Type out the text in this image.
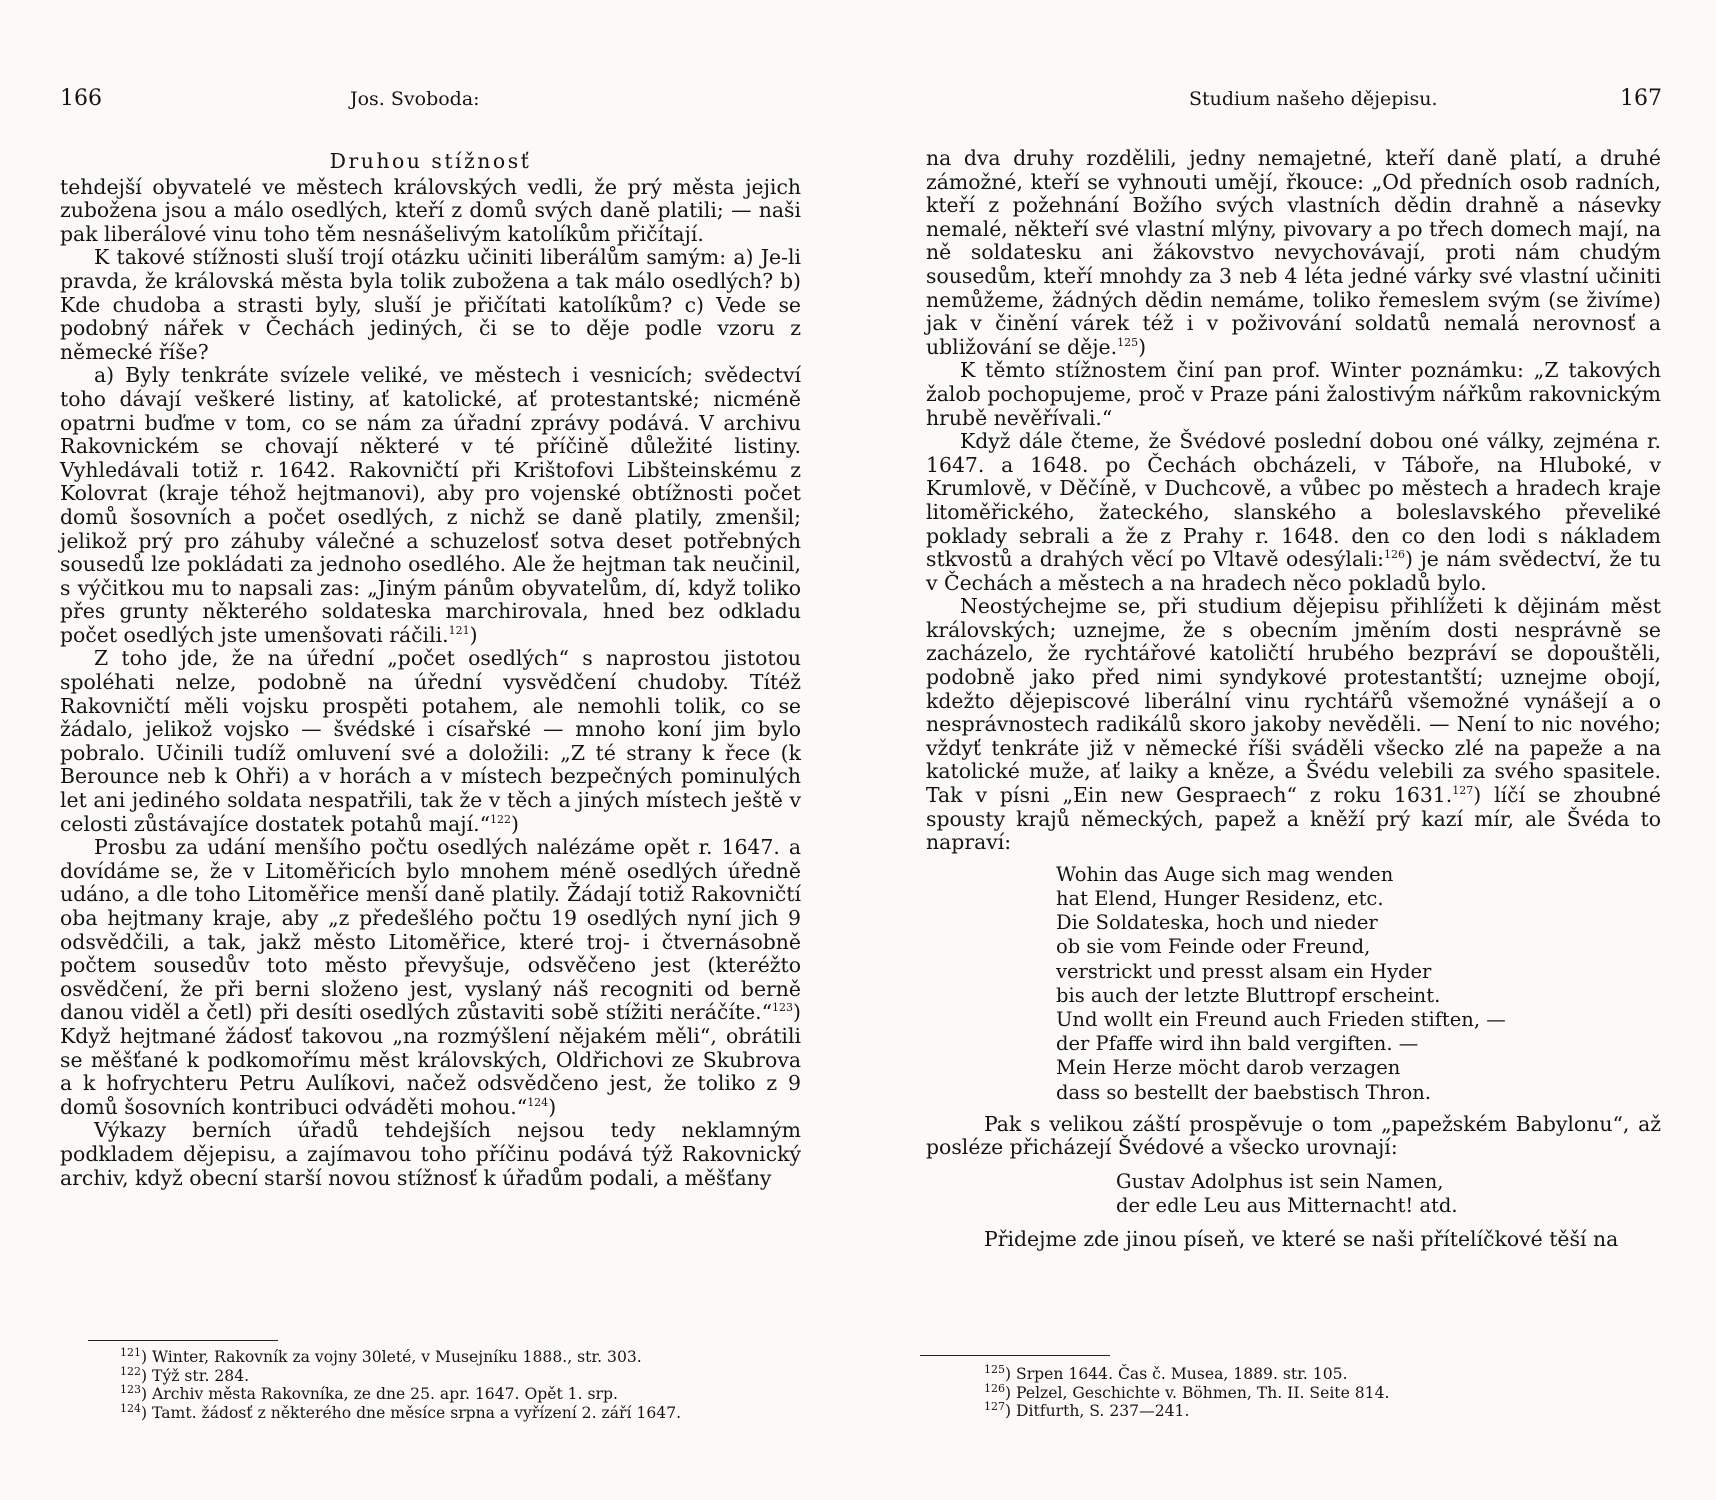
166	Jos. Svoboda:

Druhou stížnosť

tehdejší obyvatelé ve městech královských vedli, že prý města jejich zubožena jsou a málo osedlých, kteří z domů svých daně platili; — naši pak liberálové vinu toho těm nesnášelivým katolíkům přičítají.

K takové stížnosti sluší trojí otázku učiniti liberálům samým: a) Je-li pravda, že královská města byla tolik zubožena a tak málo osedlých? b) Kde chudoba a strasti byly, sluší je přičítati katolíkům? c) Vede se podobný nářek v Čechách jediných, či se to děje podle vzoru z německé říše?

a) Byly tenkráte svízele veliké, ve městech i vesnicích; svědectví toho dávají veškeré listiny, ať katolické, ať protestantské; nicméně opatrni buďme v tom, co se nám za úřadní zprávy podává. V archivu Rakovnickém se chovají některé v té příčině důležité listiny. Vyhledávali totiž r. 1642. Rakovničtí při Krištofovi Libšteinskému z Kolovrat (kraje téhož hejtmanovi), aby pro vojenské obtížnosti počet domů šosovních a počet osedlých, z nichž se daně platily, zmenšil; jelikož prý pro záhuby válečné a schuzelosť sotva deset potřebných sousedů lze pokládati za jednoho osedlého. Ale že hejtman tak neučinil, s výčitkou mu to napsali zas: „Jiným pánům obyvatelům, dí, když toliko přes grunty některého soldateska marchirovala, hned bez odkladu počet osedlých jste umenšovati ráčili.$^{121}$)

Z toho jde, že na úřední „počet osedlých“ s naprostou jistotou spoléhati nelze, podobně na úřední vysvědčení chudoby. Títéž Rakovničtí měli vojsku prospěti potahem, ale nemohli tolik, co se žádalo, jelikož vojsko — švédské i císařské — mnoho koní jim bylo pobralo. Učinili tudíž omluvení své a doložili: „Z té strany k řece (k Berounce neb k Ohři) a v horách a v místech bezpečných pominulých let ani jediného soldata nespatřili, tak že v těch a jiných místech ještě v celosti zůstávajíce dostatek potahů mají.“$^{122}$)

Prosbu za udání menšího počtu osedlých nalézáme opět r. 1647. a dovídáme se, že v Litoměřicích bylo mnohem méně osedlých úředně udáno, a dle toho Litoměřice menší daně platily. Žádají totiž Rakovničtí oba hejtmany kraje, aby „z předešlého počtu 19 osedlých nyní jich 9 odsvědčili, a tak, jakž město Litoměřice, které troj- i čtvernásobně počtem sousedův toto město převyšuje, odsvěčeno jest (kteréžto osvědčení, že při berni složeno jest, vyslaný náš recogniti od berně danou viděl a četl) při desíti osedlých zůstaviti sobě stížiti neráčíte.“$^{123}$) Když hejtmané žádosť takovou „na rozmýšlení nějakém měli“, obrátili se měšťané k podkomořímu měst královských, Oldřichovi ze Skubrova a k hofrychteru Petru Aulíkovi, načež odsvědčeno jest, že toliko z 9 domů šosovních kontribuci odváděti mohou.“$^{124}$)

Výkazy berních úřadů tehdejších nejsou tedy neklamným podkladem dějepisu, a zajímavou toho příčinu podává týž Rakovnický archiv, když obecní starší novou stížnosť k úřadům podali, a měšťany

$^{121}$) Winter, Rakovník za vojny 30leté, v Musejníku 1888., str. 303.

$^{122}$) Týž str. 284.

$^{123}$) Archiv města Rakovníka, ze dne 25. apr. 1647. Opět 1. srp.

$^{124}$) Tamt. žádosť z některého dne měsíce srpna a vyřízení 2. září 1647.

Studium našeho dějepisu.	167

na dva druhy rozdělili, jedny nemajetné, kteří daně platí, a druhé zámožné, kteří se vyhnouti umějí, řkouce: „Od předních osob radních, kteří z požehnání Božího svých vlastních dědin drahně a násevky nemalé, někteří své vlastní mlýny, pivovary a po třech domech mají, na ně soldatesku ani žákovstvo nevychovávají, proti nám chudým sousedům, kteří mnohdy za 3 neb 4 léta jedné várky své vlastní učiniti nemůžeme, žádných dědin nemáme, toliko řemeslem svým (se živíme) jak v činění várek též i v poživování soldatů nemalá nerovnosť a ubližování se děje.$^{125}$)

K těmto stížnostem činí pan prof. Winter poznámku: „Z takových žalob pochopujeme, proč v Praze páni žalostivým nářkům rakovnickým hrubě nevěřívali.“

Když dále čteme, že Švédové poslední dobou oné války, zejména r. 1647. a 1648. po Čechách obcházeli, v Táboře, na Hluboké, v Krumlově, v Děčíně, v Duchcově, a vůbec po městech a hradech kraje litoměřického, žateckého, slanského a boleslavského převeliké poklady sebrali a že z Prahy r. 1648. den co den lodi s nákladem stkvostů a drahých věcí po Vltavě odesýlali:$^{126}$) je nám svědectví, že tu v Čechách a městech a na hradech něco pokladů bylo.

Neostýchejme se, při studium dějepisu přihlížeti k dějinám měst královských; uznejme, že s obecním jměním dosti nesprávně se zacházelo, že rychtářové katoličtí hrubého bezpráví se dopouštěli, podobně jako před nimi syndykové protestantští; uznejme obojí, kdežto dějepiscové liberální vinu rychtářů všemožné vynášejí a o nesprávnostech radikálů skoro jakoby nevěděli. — Není to nic nového; vždyť tenkráte již v německé říši sváděli všecko zlé na papeže a na katolické muže, ať laiky a kněze, a Švédu velebili za svého spasitele. Tak v písni „Ein new Gespraech“ z roku 1631.$^{127}$) líčí se zhoubné spousty krajů německých, papež a kněží prý kazí mír, ale Švéda to napraví:

Wohin das Auge sich mag wenden
hat Elend, Hunger Residenz, etc.
Die Soldateska, hoch und nieder
ob sie vom Feinde oder Freund,
verstrickt und presst alsam ein Hyder
bis auch der letzte Bluttropf erscheint.
Und wollt ein Freund auch Frieden stiften, —
der Pfaffe wird ihn bald vergiften. —
Mein Herze möcht darob verzagen
dass so bestellt der baebstisch Thron.

Pak s velikou záští prospěvuje o tom „papežském Babylonu“, až posléze přicházejí Švédové a všecko urovnají:

Gustav Adolphus ist sein Namen,
der edle Leu aus Mitternacht! atd.

Přidejme zde jinou píseň, ve které se naši přítelíčkové těší na

$^{125}$) Srpen 1644. Čas č. Musea, 1889. str. 105.

$^{126}$) Pelzel, Geschichte v. Böhmen, Th. II. Seite 814.

$^{127}$) Ditfurth, S. 237—241.
